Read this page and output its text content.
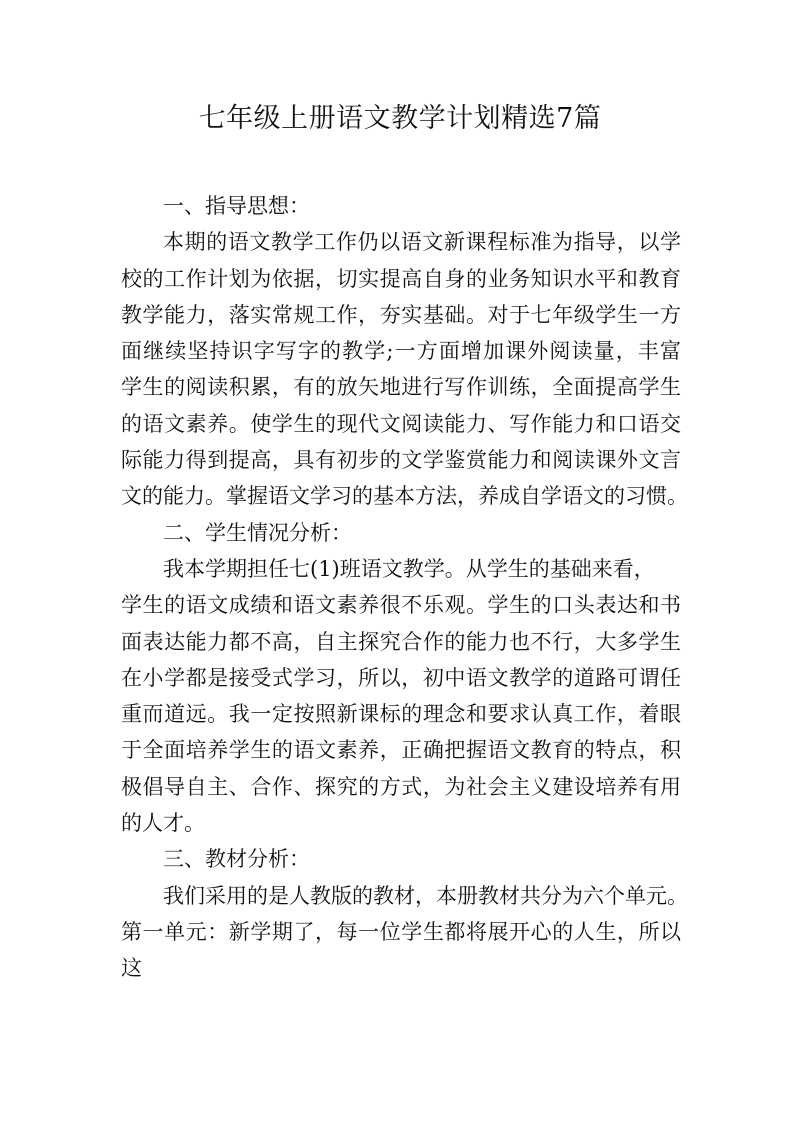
七年级上册语文教学计划精选7篇
一、指导思想：
本期的语文教学工作仍以语文新课程标准为指导，以学
校的工作计划为依据，切实提高自身的业务知识水平和教育
教学能力，落实常规工作，夯实基础。对于七年级学生一方
面继续坚持识字写字的教学;一方面增加课外阅读量，丰富
学生的阅读积累，有的放矢地进行写作训练，全面提高学生
的语文素养。使学生的现代文阅读能力、写作能力和口语交
际能力得到提高，具有初步的文学鉴赏能力和阅读课外文言
文的能力。掌握语文学习的基本方法，养成自学语文的习惯。
二、学生情况分析：
我本学期担任七(1)班语文教学。从学生的基础来看，
学生的语文成绩和语文素养很不乐观。学生的口头表达和书
面表达能力都不高，自主探究合作的能力也不行，大多学生
在小学都是接受式学习，所以，初中语文教学的道路可谓任
重而道远。我一定按照新课标的理念和要求认真工作，着眼
于全面培养学生的语文素养，正确把握语文教育的特点，积
极倡导自主、合作、探究的方式，为社会主义建设培养有用
的人才。
三、教材分析：
我们采用的是人教版的教材，本册教材共分为六个单元。
第一单元：新学期了，每一位学生都将展开心的人生，所以
这
